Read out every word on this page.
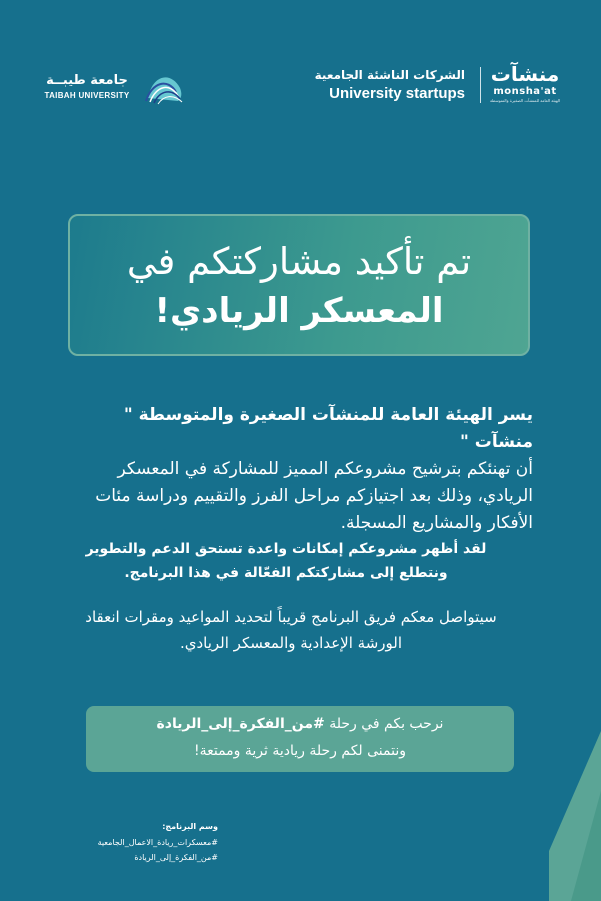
منشآت
monsha'at
الهيئة العامة للمنشآت الصغيرة والمتوسطة
الشركات الناشئة الجامعية
University startups
جامعة طيبــة
TAIBAH UNIVERSITY
تم تأكيد مشاركتكم في
المعسكر الريادي!
يسر الهيئة العامة للمنشآت الصغيرة والمتوسطة " منشآت "
أن تهنئكم بترشيح مشروعكم المميز للمشاركة في المعسكر الريادي، وذلك بعد اجتيازكم مراحل الفرز والتقييم ودراسة مئات الأفكار والمشاريع المسجلة.
لقد أظهر مشروعكم إمكانات واعدة تستحق الدعم والتطوير ونتطلع إلى مشاركتكم الفعّالة في هذا البرنامج.
سيتواصل معكم فريق البرنامج قريباً لتحديد المواعيد ومقرات انعقاد الورشة الإعدادية والمعسكر الريادي.
نرحب بكم في رحلة #من_الفكرة_إلى_الريادة
ونتمنى لكم رحلة ريادية ثرية وممتعة!
وسم البرنامج:
#معسكرات_ريادة_الاعمال_الجامعية
#من_الفكرة_إلى_الريادة
